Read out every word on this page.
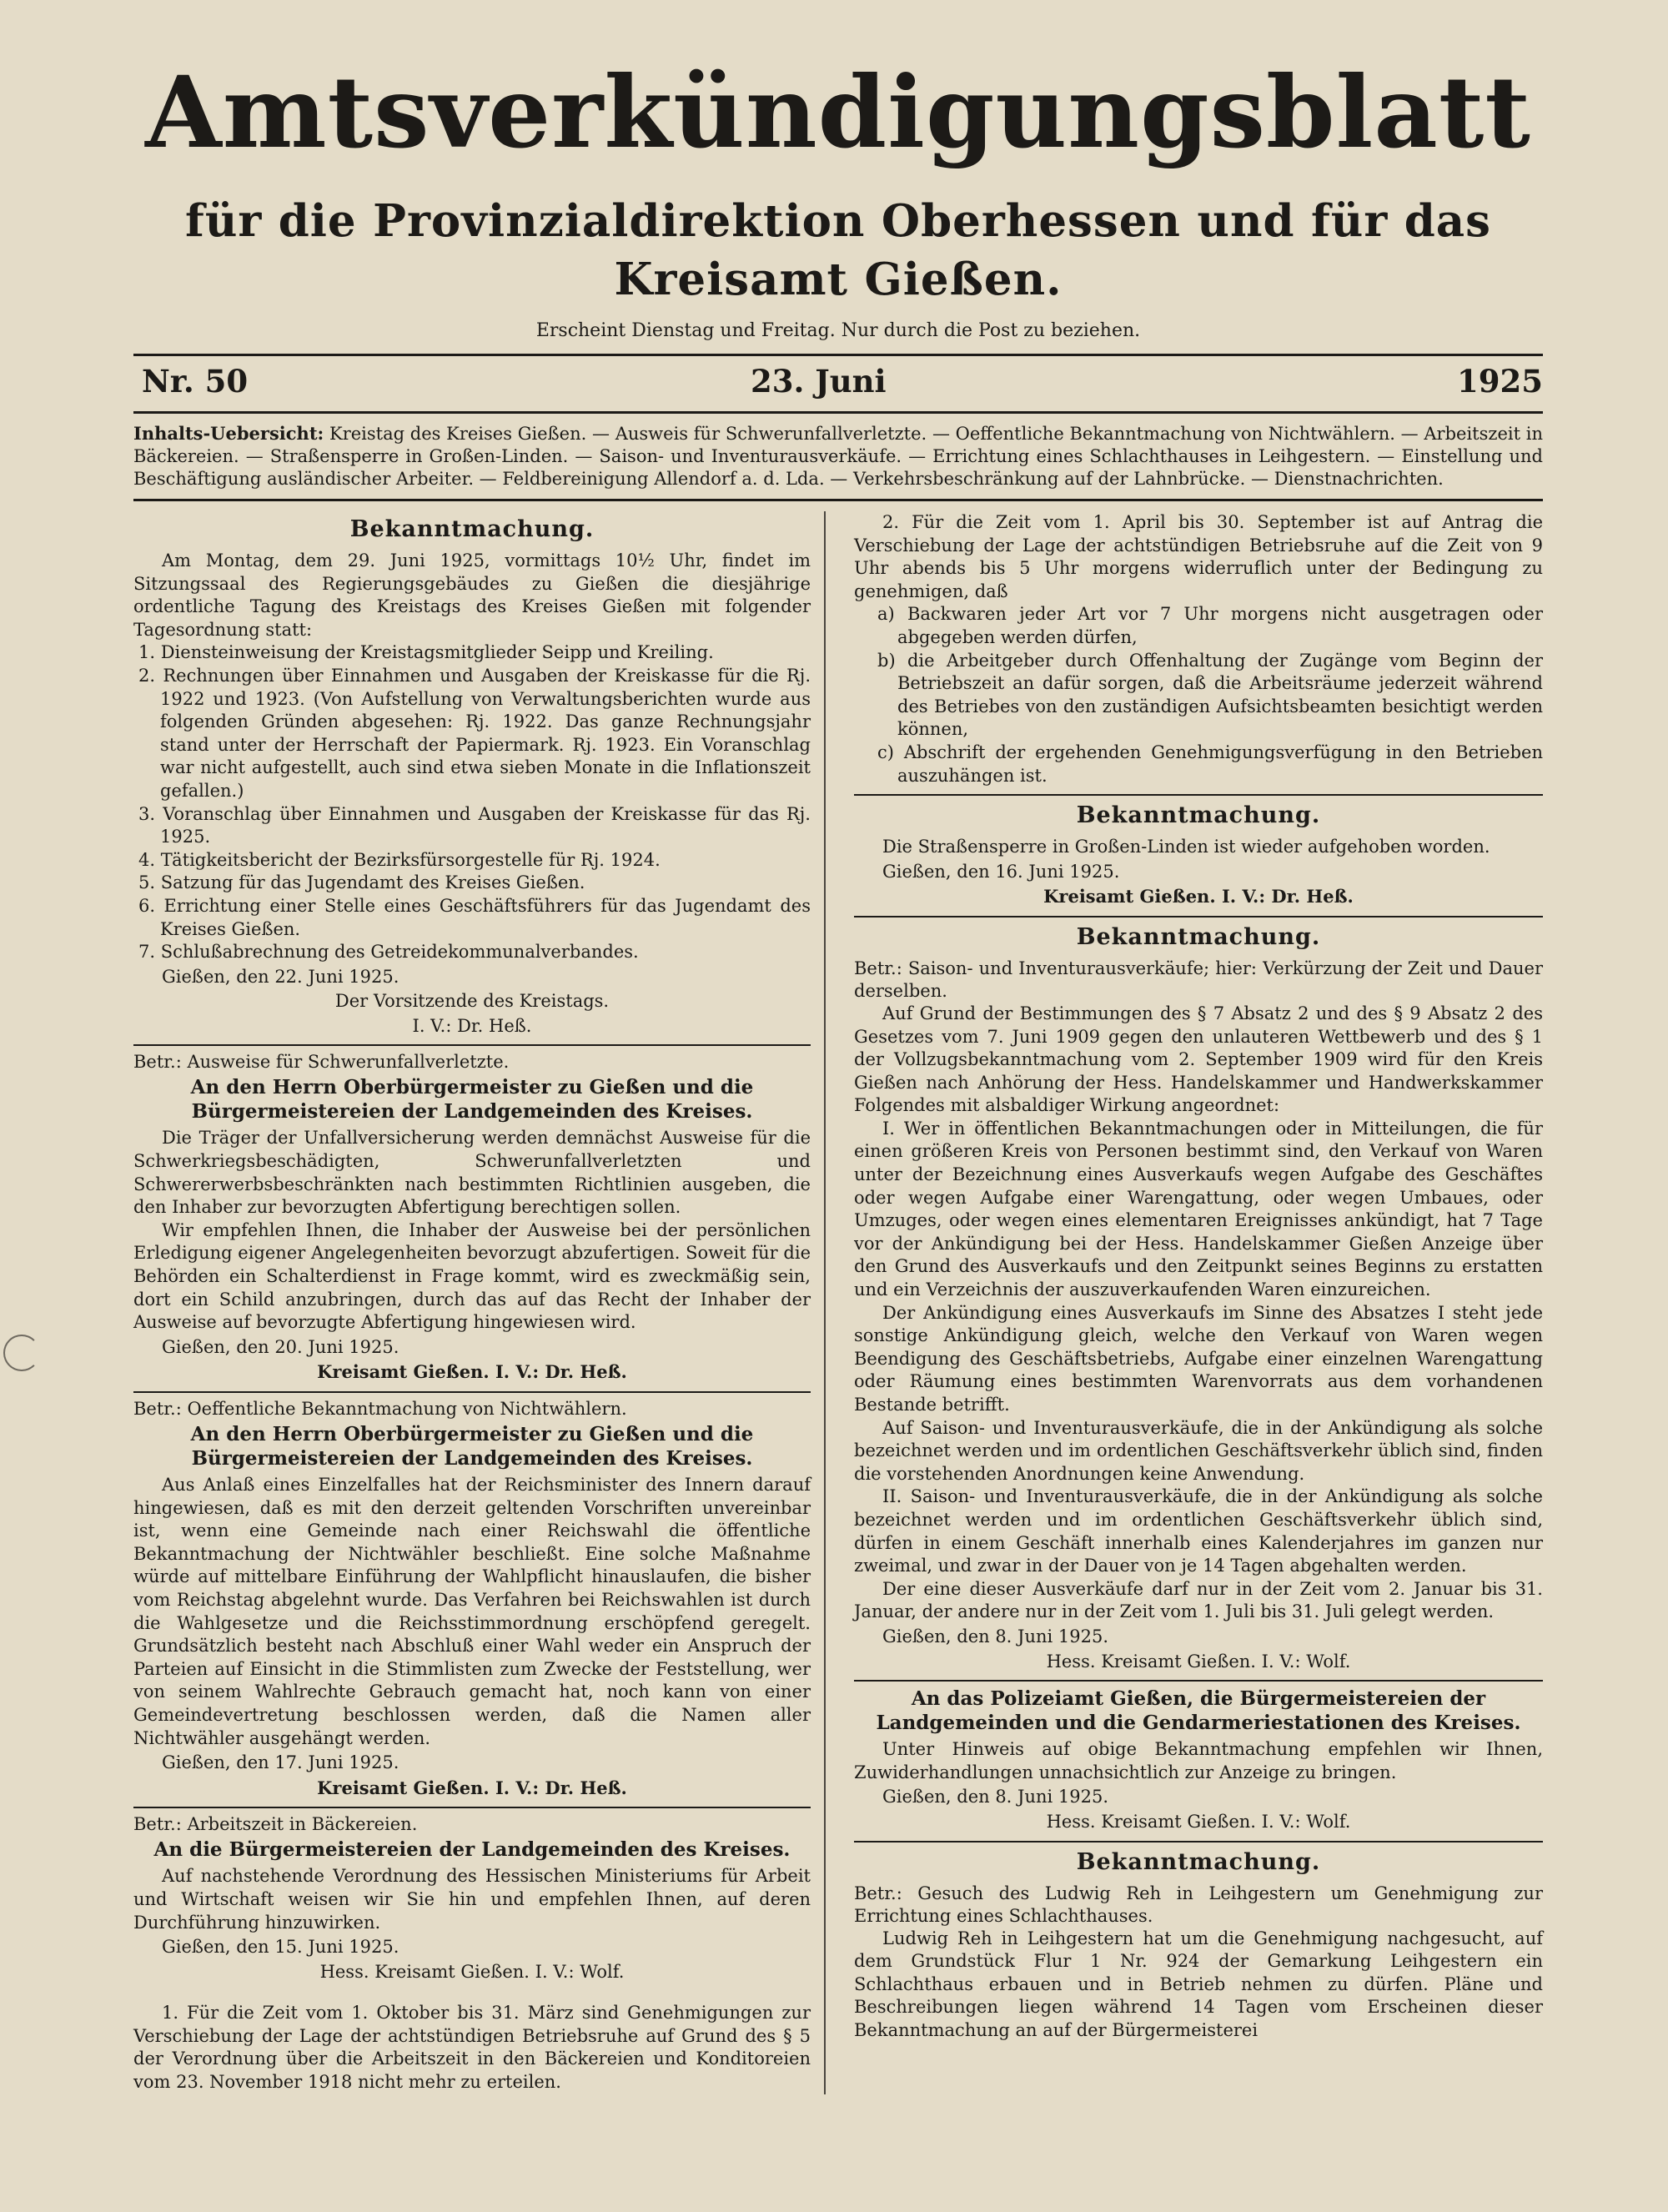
Amtsverkündigungsblatt
für die Provinzialdirektion Oberhessen und für das Kreisamt Gießen.
Erscheint Dienstag und Freitag. Nur durch die Post zu beziehen.
Nr. 50	23. Juni	1925
Inhalts-Uebersicht: Kreistag des Kreises Gießen. — Ausweis für Schwerunfallverletzte. — Oeffentliche Bekanntmachung von Nichtwählern. — Arbeitszeit in Bäckereien. — Straßensperre in Großen-Linden. — Saison- und Inventurausverkäufe. — Errichtung eines Schlachthauses in Leihgestern. — Einstellung und Beschäftigung ausländischer Arbeiter. — Feldbereinigung Allendorf a. d. Lda. — Verkehrsbeschränkung auf der Lahnbrücke. — Dienstnachrichten.
Bekanntmachung.

Am Montag, dem 29. Juni 1925, vormittags 10½ Uhr, findet im Sitzungssaal des Regierungsgebäudes zu Gießen die diesjährige ordentliche Tagung des Kreistags des Kreises Gießen mit folgender Tagesordnung statt:

1. Diensteinweisung der Kreistagsmitglieder Seipp und Kreiling.
2. Rechnungen über Einnahmen und Ausgaben der Kreiskasse für die Rj. 1922 und 1923. (Von Aufstellung von Verwaltungsberichten wurde aus folgenden Gründen abgesehen: Rj. 1922. Das ganze Rechnungsjahr stand unter der Herrschaft der Papiermark. Rj. 1923. Ein Voranschlag war nicht aufgestellt, auch sind etwa sieben Monate in die Inflationszeit gefallen.)
3. Voranschlag über Einnahmen und Ausgaben der Kreiskasse für das Rj. 1925.
4. Tätigkeitsbericht der Bezirksfürsorgestelle für Rj. 1924.
5. Satzung für das Jugendamt des Kreises Gießen.
6. Errichtung einer Stelle eines Geschäftsführers für das Jugendamt des Kreises Gießen.
7. Schlußabrechnung des Getreidekommunalverbandes.
Gießen, den 22. Juni 1925.
Der Vorsitzende des Kreistags.
I. V.: Dr. Heß.
Betr.: Ausweise für Schwerunfallverletzte.
An den Herrn Oberbürgermeister zu Gießen und die Bürgermeistereien der Landgemeinden des Kreises.

Die Träger der Unfallversicherung werden demnächst Ausweise für die Schwerkriegsbeschädigten, Schwerunfallverletzten und Schwererwerbsbeschränkten nach bestimmten Richtlinien ausgeben, die den Inhaber zur bevorzugten Abfertigung berechtigen sollen.

Wir empfehlen Ihnen, die Inhaber der Ausweise bei der persönlichen Erledigung eigener Angelegenheiten bevorzugt abzufertigen. Soweit für die Behörden ein Schalterdienst in Frage kommt, wird es zweckmäßig sein, dort ein Schild anzubringen, durch das auf das Recht der Inhaber der Ausweise auf bevorzugte Abfertigung hingewiesen wird.

Gießen, den 20. Juni 1925.
Kreisamt Gießen. I. V.: Dr. Heß.
Betr.: Oeffentliche Bekanntmachung von Nichtwählern.
An den Herrn Oberbürgermeister zu Gießen und die Bürgermeistereien der Landgemeinden des Kreises.

Aus Anlaß eines Einzelfalles hat der Reichsminister des Innern darauf hingewiesen, daß es mit den derzeit geltenden Vorschriften unvereinbar ist, wenn eine Gemeinde nach einer Reichswahl die öffentliche Bekanntmachung der Nichtwähler beschließt. Eine solche Maßnahme würde auf mittelbare Einführung der Wahlpflicht hinauslaufen, die bisher vom Reichstag abgelehnt wurde. Das Verfahren bei Reichswahlen ist durch die Wahlgesetze und die Reichsstimmordnung erschöpfend geregelt. Grundsätzlich besteht nach Abschluß einer Wahl weder ein Anspruch der Parteien auf Einsicht in die Stimmlisten zum Zwecke der Feststellung, wer von seinem Wahlrechte Gebrauch gemacht hat, noch kann von einer Gemeindevertretung beschlossen werden, daß die Namen aller Nichtwähler ausgehängt werden.

Gießen, den 17. Juni 1925.
Kreisamt Gießen. I. V.: Dr. Heß.
Betr.: Arbeitszeit in Bäckereien.
An die Bürgermeistereien der Landgemeinden des Kreises.

Auf nachstehende Verordnung des Hessischen Ministeriums für Arbeit und Wirtschaft weisen wir Sie hin und empfehlen Ihnen, auf deren Durchführung hinzuwirken.

Gießen, den 15. Juni 1925.
Hess. Kreisamt Gießen. I. V.: Wolf.

1. Für die Zeit vom 1. Oktober bis 31. März sind Genehmigungen zur Verschiebung der Lage der achtstündigen Betriebsruhe auf Grund des § 5 der Verordnung über die Arbeitszeit in den Bäckereien und Konditoreien vom 23. November 1918 nicht mehr zu erteilen.

2. Für die Zeit vom 1. April bis 30. September ist auf Antrag die Verschiebung der Lage der achtstündigen Betriebsruhe auf die Zeit von 9 Uhr abends bis 5 Uhr morgens widerruflich unter der Bedingung zu genehmigen, daß

a) Backwaren jeder Art vor 7 Uhr morgens nicht ausgetragen oder abgegeben werden dürfen,
b) die Arbeitgeber durch Offenhaltung der Zugänge vom Beginn der Betriebszeit an dafür sorgen, daß die Arbeitsräume jederzeit während des Betriebes von den zuständigen Aufsichtsbeamten besichtigt werden können,
c) Abschrift der ergehenden Genehmigungsverfügung in den Betrieben auszuhängen ist.
Bekanntmachung.

Die Straßensperre in Großen-Linden ist wieder aufgehoben worden.

Gießen, den 16. Juni 1925.
Kreisamt Gießen. I. V.: Dr. Heß.
Bekanntmachung.
Betr.: Saison- und Inventurausverkäufe; hier: Verkürzung der Zeit und Dauer derselben.

Auf Grund der Bestimmungen des § 7 Absatz 2 und des § 9 Absatz 2 des Gesetzes vom 7. Juni 1909 gegen den unlauteren Wettbewerb und des § 1 der Vollzugsbekanntmachung vom 2. September 1909 wird für den Kreis Gießen nach Anhörung der Hess. Handelskammer und Handwerkskammer Folgendes mit alsbaldiger Wirkung angeordnet:

I. Wer in öffentlichen Bekanntmachungen oder in Mitteilungen, die für einen größeren Kreis von Personen bestimmt sind, den Verkauf von Waren unter der Bezeichnung eines Ausverkaufs wegen Aufgabe des Geschäftes oder wegen Aufgabe einer Warengattung, oder wegen Umbaues, oder Umzuges, oder wegen eines elementaren Ereignisses ankündigt, hat 7 Tage vor der Ankündigung bei der Hess. Handelskammer Gießen Anzeige über den Grund des Ausverkaufs und den Zeitpunkt seines Beginns zu erstatten und ein Verzeichnis der auszuverkaufenden Waren einzureichen.

Der Ankündigung eines Ausverkaufs im Sinne des Absatzes I steht jede sonstige Ankündigung gleich, welche den Verkauf von Waren wegen Beendigung des Geschäftsbetriebs, Aufgabe einer einzelnen Warengattung oder Räumung eines bestimmten Warenvorrats aus dem vorhandenen Bestande betrifft.

Auf Saison- und Inventurausverkäufe, die in der Ankündigung als solche bezeichnet werden und im ordentlichen Geschäftsverkehr üblich sind, finden die vorstehenden Anordnungen keine Anwendung.

II. Saison- und Inventurausverkäufe, die in der Ankündigung als solche bezeichnet werden und im ordentlichen Geschäftsverkehr üblich sind, dürfen in einem Geschäft innerhalb eines Kalenderjahres im ganzen nur zweimal, und zwar in der Dauer von je 14 Tagen abgehalten werden.

Der eine dieser Ausverkäufe darf nur in der Zeit vom 2. Januar bis 31. Januar, der andere nur in der Zeit vom 1. Juli bis 31. Juli gelegt werden.

Gießen, den 8. Juni 1925.
Hess. Kreisamt Gießen. I. V.: Wolf.
An das Polizeiamt Gießen, die Bürgermeistereien der Landgemeinden und die Gendarmeriestationen des Kreises.

Unter Hinweis auf obige Bekanntmachung empfehlen wir Ihnen, Zuwiderhandlungen unnachsichtlich zur Anzeige zu bringen.

Gießen, den 8. Juni 1925.
Hess. Kreisamt Gießen. I. V.: Wolf.
Bekanntmachung.
Betr.: Gesuch des Ludwig Reh in Leihgestern um Genehmigung zur Errichtung eines Schlachthauses.

Ludwig Reh in Leihgestern hat um die Genehmigung nachgesucht, auf dem Grundstück Flur 1 Nr. 924 der Gemarkung Leihgestern ein Schlachthaus erbauen und in Betrieb nehmen zu dürfen. Pläne und Beschreibungen liegen während 14 Tagen vom Erscheinen dieser Bekanntmachung an auf der Bürgermeisterei
